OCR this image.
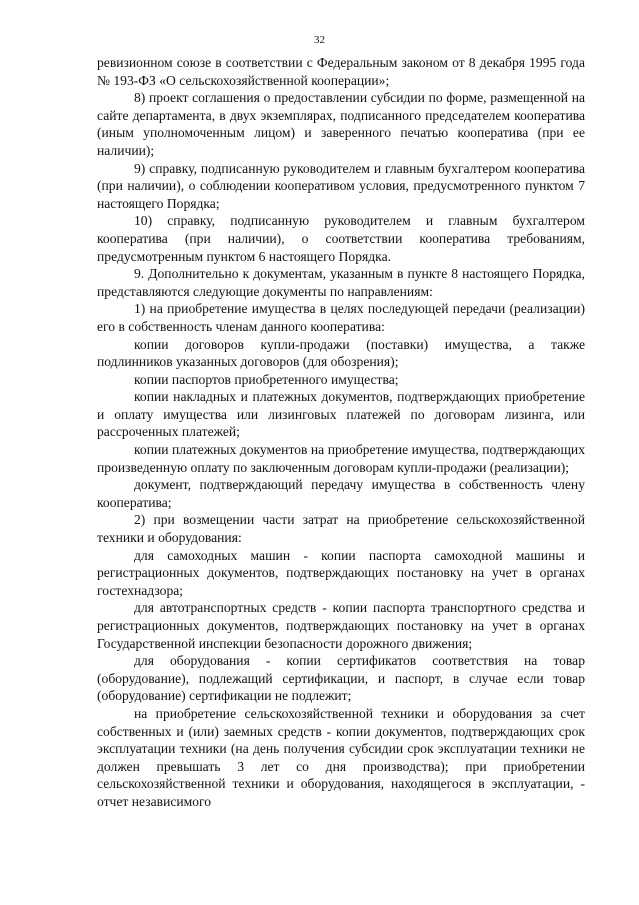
32

ревизионном союзе в соответствии с Федеральным законом от 8 декабря 1995 года № 193-ФЗ «О сельскохозяйственной кооперации»;

8) проект соглашения о предоставлении субсидии по форме, размещенной на сайте департамента, в двух экземплярах, подписанного председателем кооператива (иным уполномоченным лицом) и заверенного печатью кооператива (при ее наличии);

9) справку, подписанную руководителем и главным бухгалтером кооператива (при наличии), о соблюдении кооперативом условия, предусмотренного пунктом 7 настоящего Порядка;

10) справку, подписанную руководителем и главным бухгалтером кооператива (при наличии), о соответствии кооператива требованиям, предусмотренным пунктом 6 настоящего Порядка.

9. Дополнительно к документам, указанным в пункте 8 настоящего Порядка, представляются следующие документы по направлениям:

1) на приобретение имущества в целях последующей передачи (реализации) его в собственность членам данного кооператива:

копии договоров купли-продажи (поставки) имущества, а также подлинников указанных договоров (для обозрения);

копии паспортов приобретенного имущества;

копии накладных и платежных документов, подтверждающих приобретение и оплату имущества или лизинговых платежей по договорам лизинга, или рассроченных платежей;

копии платежных документов на приобретение имущества, подтверждающих произведенную оплату по заключенным договорам купли-продажи (реализации);

документ, подтверждающий передачу имущества в собственность члену кооператива;

2) при возмещении части затрат на приобретение сельскохозяйственной техники и оборудования:

для самоходных машин - копии паспорта самоходной машины и регистрационных документов, подтверждающих постановку на учет в органах гостехнадзора;

для автотранспортных средств - копии паспорта транспортного средства и регистрационных документов, подтверждающих постановку на учет в органах Государственной инспекции безопасности дорожного движения;

для оборудования - копии сертификатов соответствия на товар (оборудование), подлежащий сертификации, и паспорт, в случае если товар (оборудование) сертификации не подлежит;

на приобретение сельскохозяйственной техники и оборудования за счет собственных и (или) заемных средств - копии документов, подтверждающих срок эксплуатации техники (на день получения субсидии срок эксплуатации техники не должен превышать 3 лет со дня производства); при приобретении сельскохозяйственной техники и оборудования, находящегося в эксплуатации, - отчет независимого
